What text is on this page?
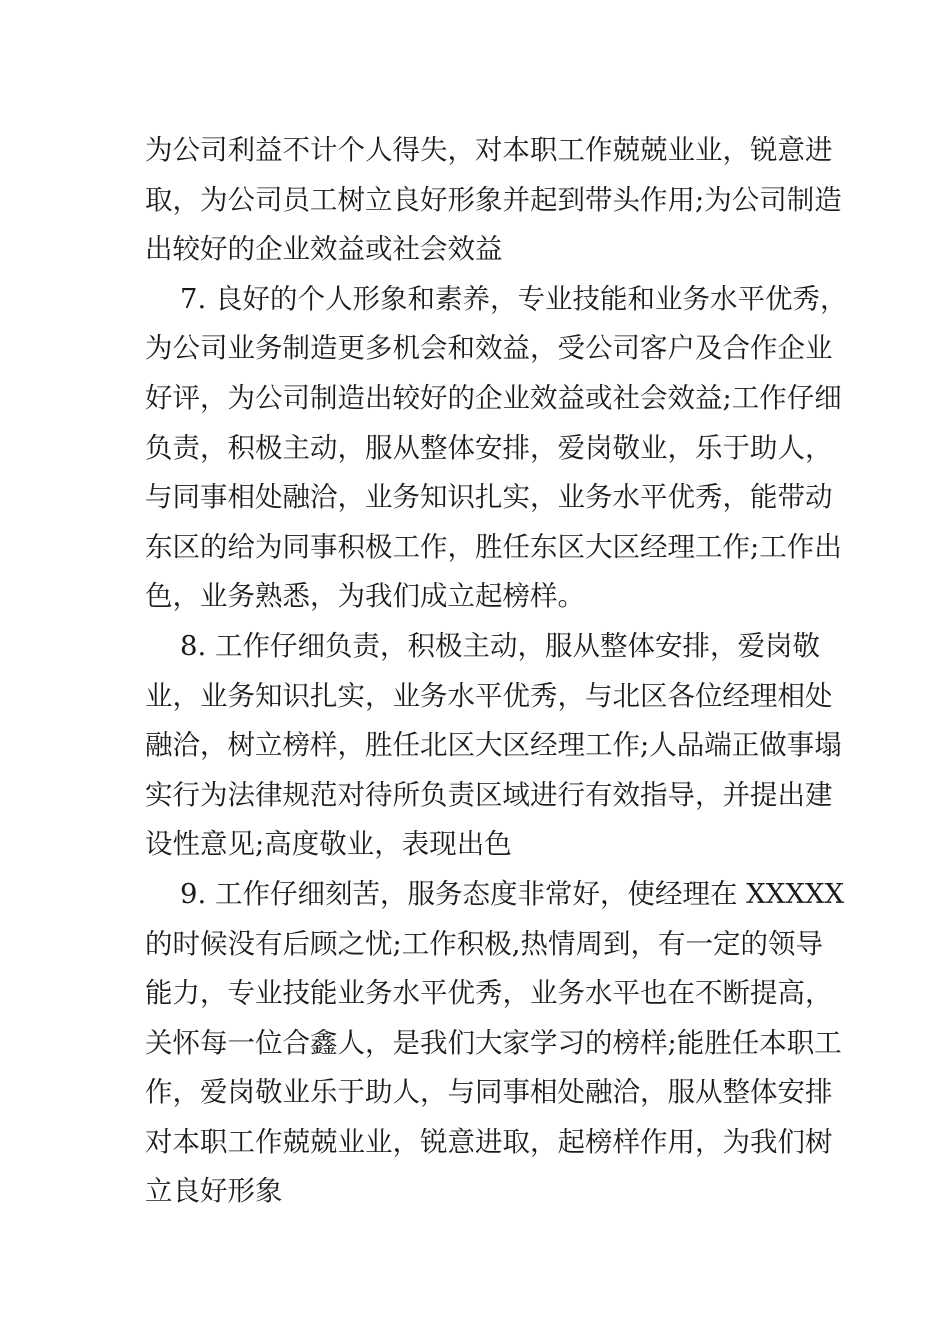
为公司利益不计个人得失，对本职工作兢兢业业，锐意进
取，为公司员工树立良好形象并起到带头作用;为公司制造
出较好的企业效益或社会效益
7. 良好的个人形象和素养，专业技能和业务水平优秀，
为公司业务制造更多机会和效益，受公司客户及合作企业
好评，为公司制造出较好的企业效益或社会效益;工作仔细
负责，积极主动，服从整体安排，爱岗敬业，乐于助人，
与同事相处融洽，业务知识扎实，业务水平优秀，能带动
东区的给为同事积极工作，胜任东区大区经理工作;工作出
色，业务熟悉，为我们成立起榜样。
8. 工作仔细负责，积极主动，服从整体安排，爱岗敬
业，业务知识扎实，业务水平优秀，与北区各位经理相处
融洽，树立榜样，胜任北区大区经理工作;人品端正做事塌
实行为法律规范对待所负责区域进行有效指导，并提出建
设性意见;高度敬业，表现出色
9. 工作仔细刻苦，服务态度非常好，使经理在 XXXXX
的时候没有后顾之忧;工作积极,热情周到，有一定的领导
能力，专业技能业务水平优秀，业务水平也在不断提高，
关怀每一位合鑫人，是我们大家学习的榜样;能胜任本职工
作，爱岗敬业乐于助人，与同事相处融洽，服从整体安排
对本职工作兢兢业业，锐意进取，起榜样作用，为我们树
立良好形象
